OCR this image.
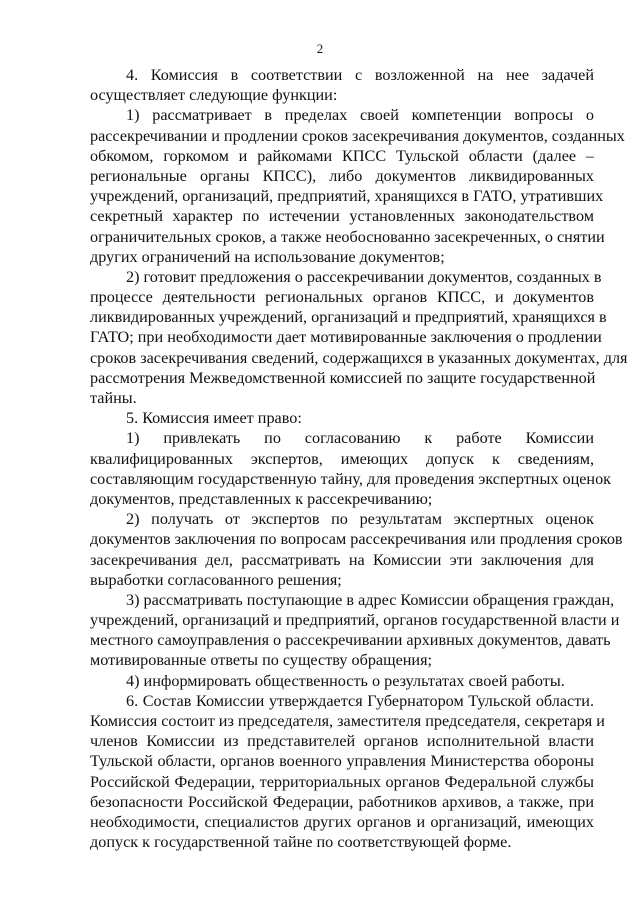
2
4. Комиссия в соответствии с возложенной на нее задачей
осуществляет следующие функции:
1) рассматривает в пределах своей компетенции вопросы о
рассекречивании и продлении сроков засекречивания документов, созданных
обкомом, горкомом и райкомами КПСС Тульской области (далее –
региональные органы КПСС), либо документов ликвидированных
учреждений, организаций, предприятий, хранящихся в ГАТО, утративших
секретный характер по истечении установленных законодательством
ограничительных сроков, а также необоснованно засекреченных, о снятии
других ограничений на использование документов;
2) готовит предложения о рассекречивании документов, созданных в
процессе деятельности региональных органов КПСС, и документов
ликвидированных учреждений, организаций и предприятий, хранящихся в
ГАТО; при необходимости дает мотивированные заключения о продлении
сроков засекречивания сведений, содержащихся в указанных документах, для
рассмотрения Межведомственной комиссией по защите государственной
тайны.
5. Комиссия имеет право:
1) привлекать по согласованию к работе Комиссии
квалифицированных экспертов, имеющих допуск к сведениям,
составляющим государственную тайну, для проведения экспертных оценок
документов, представленных к рассекречиванию;
2) получать от экспертов по результатам экспертных оценок
документов заключения по вопросам рассекречивания или продления сроков
засекречивания дел, рассматривать на Комиссии эти заключения для
выработки согласованного решения;
3) рассматривать поступающие в адрес Комиссии обращения граждан,
учреждений, организаций и предприятий, органов государственной власти и
местного самоуправления о рассекречивании архивных документов, давать
мотивированные ответы по существу обращения;
4) информировать общественность о результатах своей работы.
6. Состав Комиссии утверждается Губернатором Тульской области.
Комиссия состоит из председателя, заместителя председателя, секретаря и
членов Комиссии из представителей органов исполнительной власти
Тульской области, органов военного управления Министерства обороны
Российской Федерации, территориальных органов Федеральной службы
безопасности Российской Федерации, работников архивов, а также, при
необходимости, специалистов других органов и организаций, имеющих
допуск к государственной тайне по соответствующей форме.
